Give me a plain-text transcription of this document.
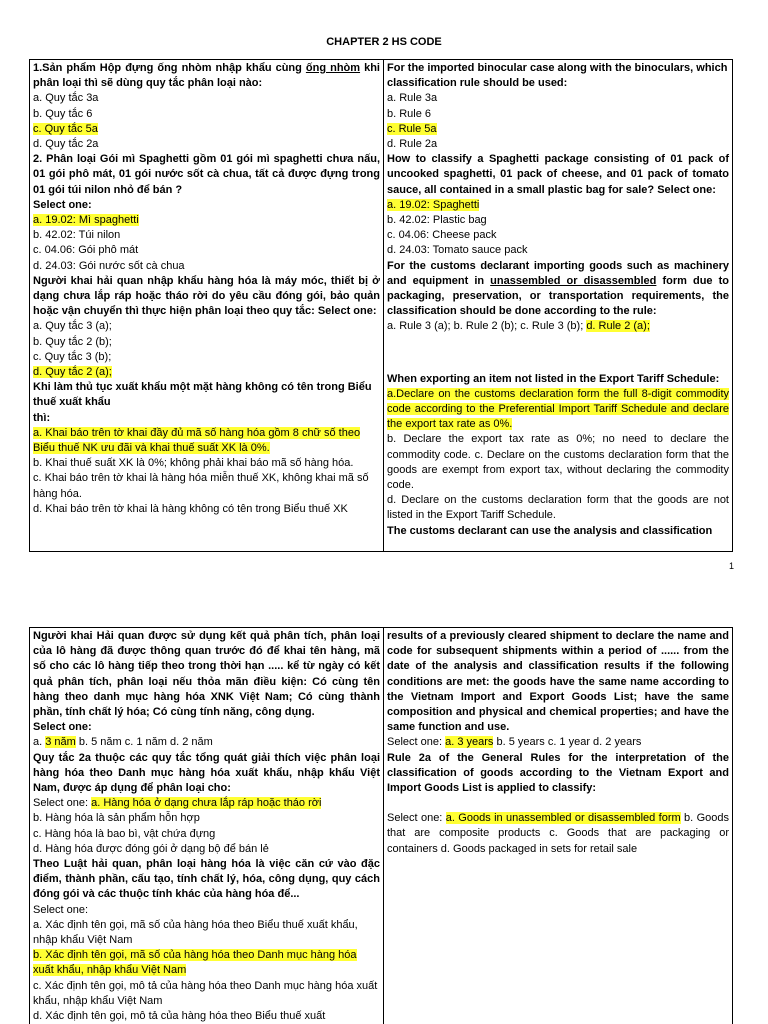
CHAPTER 2 HS CODE
1.Sản phẩm Hộp đựng ống nhòm nhập khẩu cùng ống nhòm khi phân loại thì sẽ dùng quy tắc phân loại nào:
a. Quy tắc 3a
b. Quy tắc 6
c. Quy tắc 5a
d. Quy tắc 2a
2. Phân loại Gói mì Spaghetti gồm 01 gói mì spaghetti chưa nấu, 01 gói phô mát, 01 gói nước sốt cà chua, tất cả được đựng trong 01 gói túi nilon nhỏ để bán ?
Select one:
a. 19.02: Mì spaghetti
b. 42.02: Túi nilon
c. 04.06: Gói phô mát
d. 24.03: Gói nước sốt cà chua
Người khai hải quan nhập khẩu hàng hóa là máy móc, thiết bị ở dạng chưa lắp ráp hoặc tháo rời do yêu cầu đóng gói, bảo quản hoặc vận chuyển thì thực hiện phân loại theo quy tắc: Select one:
a. Quy tắc 3 (a);
b. Quy tắc 2 (b);
c. Quy tắc 3 (b);
d. Quy tắc 2 (a);
Khi làm thủ tục xuất khẩu một mặt hàng không có tên trong Biểu thuế xuất khẩu
thì:
a. Khai báo trên tờ khai đầy đủ mã số hàng hóa gồm 8 chữ số theo Biểu thuế NK ưu đãi và khai thuế suất XK là 0%.
b. Khai thuế suất XK là 0%; không phải khai báo mã số hàng hóa.
c. Khai báo trên tờ khai là hàng hóa miễn thuế XK, không khai mã số hàng hóa.
d. Khai báo trên tờ khai là hàng không có tên trong Biểu thuế XK
For the imported binocular case along with the binoculars, which classification rule should be used:
a. Rule 3a
b. Rule 6
c. Rule 5a
d. Rule 2a
How to classify a Spaghetti package consisting of 01 pack of uncooked spaghetti, 01 pack of cheese, and 01 pack of tomato sauce, all contained in a small plastic bag for sale? Select one:
a. 19.02: Spaghetti
b. 42.02: Plastic bag
c. 04.06: Cheese pack
d. 24.03: Tomato sauce pack
For the customs declarant importing goods such as machinery and equipment in unassembled or disassembled form due to packaging, preservation, or transportation requirements, the classification should be done according to the rule:
a. Rule 3 (a); b. Rule 2 (b); c. Rule 3 (b); d. Rule 2 (a);
When exporting an item not listed in the Export Tariff Schedule:
a.Declare on the customs declaration form the full 8-digit commodity code according to the Preferential Import Tariff Schedule and declare the export tax rate as 0%.
b. Declare the export tax rate as 0%; no need to declare the commodity code. c. Declare on the customs declaration form that the goods are exempt from export tax, without declaring the commodity code.
d. Declare on the customs declaration form that the goods are not listed in the Export Tariff Schedule.
The customs declarant can use the analysis and classification
1
Người khai Hải quan được sử dụng kết quả phân tích, phân loại của lô hàng đã được thông quan trước đó để khai tên hàng, mã số cho các lô hàng tiếp theo trong thời hạn ..... kể từ ngày có kết quả phân tích, phân loại nếu thỏa mãn điều kiện: Có cùng tên hàng theo danh mục hàng hóa XNK Việt Nam; Có cùng thành phần, tính chất lý hóa; Có cùng tính năng, công dụng.
Select one:
a. 3 năm b. 5 năm c. 1 năm d. 2 năm
Quy tắc 2a thuộc các quy tắc tổng quát giải thích việc phân loại hàng hóa theo Danh mục hàng hóa xuất khẩu, nhập khẩu Việt Nam, được áp dụng để phân loại cho:
Select one: a. Hàng hóa ở dạng chưa lắp ráp hoặc tháo rời
b. Hàng hóa là sản phẩm hỗn hợp
c. Hàng hóa là bao bì, vật chứa đựng
d. Hàng hóa được đóng gói ở dạng bộ để bán lẻ
Theo Luật hải quan, phân loại hàng hóa là việc căn cứ vào đặc điểm, thành phần, cấu tạo, tính chất lý, hóa, công dụng, quy cách đóng gói và các thuộc tính khác của hàng hóa để...
Select one:
a. Xác định tên gọi, mã số của hàng hóa theo Biểu thuế xuất khẩu, nhập khẩu Việt Nam
b. Xác định tên gọi, mã số của hàng hóa theo Danh mục hàng hóa xuất khẩu, nhập khẩu Việt Nam
c. Xác định tên gọi, mô tả của hàng hóa theo Danh mục hàng hóa xuất khẩu, nhập khẩu Việt Nam
d. Xác định tên gọi, mô tả của hàng hóa theo Biểu thuế xuất
results of a previously cleared shipment to declare the name and code for subsequent shipments within a period of ...... from the date of the analysis and classification results if the following conditions are met: the goods have the same name according to the Vietnam Import and Export Goods List; have the same composition and physical and chemical properties; and have the same function and use.
Select one: a. 3 years b. 5 years c. 1 year d. 2 years
Rule 2a of the General Rules for the interpretation of the classification of goods according to the Vietnam Export and Import Goods List is applied to classify:
Select one: a. Goods in unassembled or disassembled form b. Goods that are composite products c. Goods that are packaging or containers d. Goods packaged in sets for retail sale
